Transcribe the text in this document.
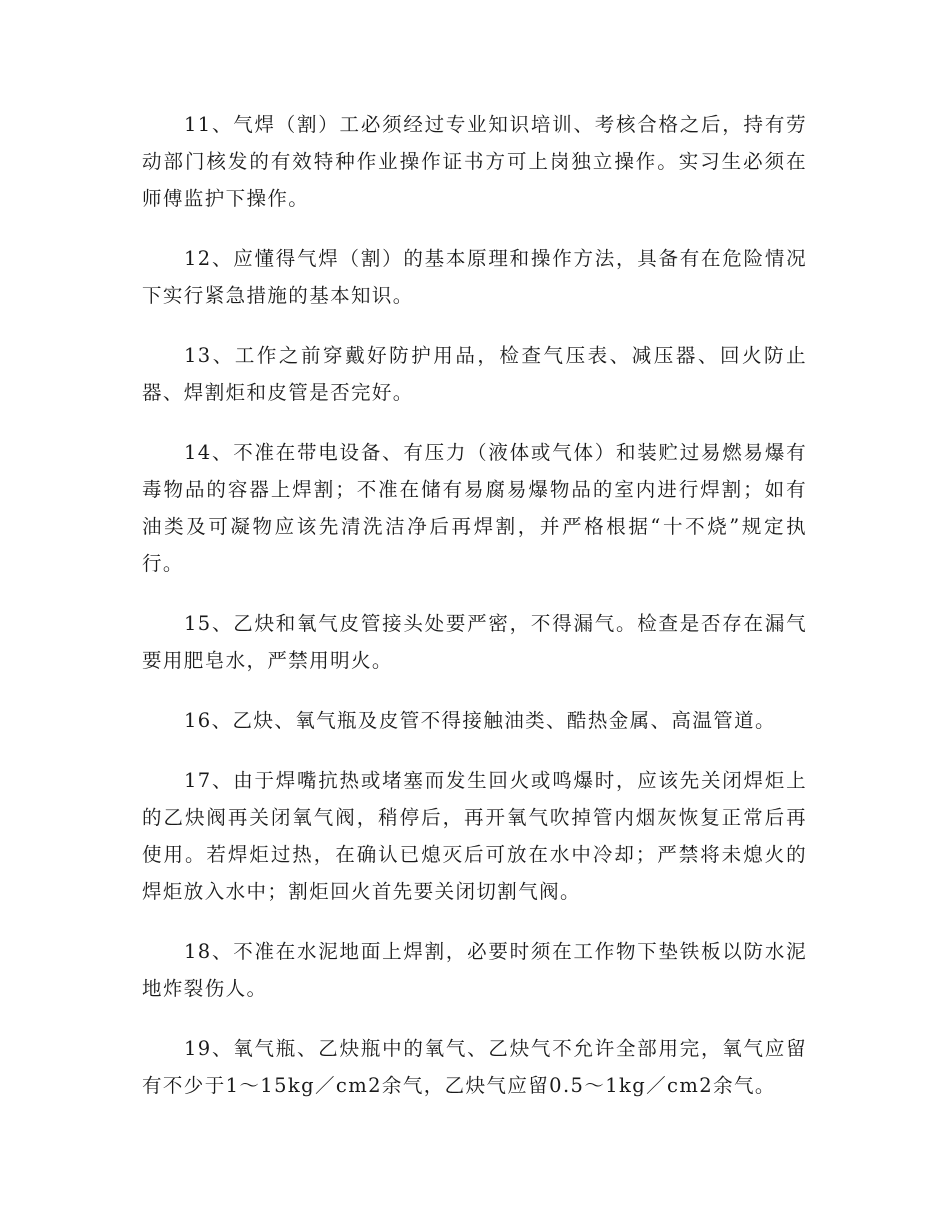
11、气焊（割）工必须经过专业知识培训、考核合格之后，持有劳动部门核发的有效特种作业操作证书方可上岗独立操作。实习生必须在师傅监护下操作。

12、应懂得气焊（割）的基本原理和操作方法，具备有在危险情况下实行紧急措施的基本知识。

13、工作之前穿戴好防护用品，检查气压表、减压器、回火防止器、焊割炬和皮管是否完好。

14、不准在带电设备、有压力（液体或气体）和装贮过易燃易爆有毒物品的容器上焊割；不准在储有易腐易爆物品的室内进行焊割；如有油类及可凝物应该先清洗洁净后再焊割，并严格根据“十不烧”规定执行。

15、乙炔和氧气皮管接头处要严密，不得漏气。检查是否存在漏气要用肥皂水，严禁用明火。

16、乙炔、氧气瓶及皮管不得接触油类、酷热金属、高温管道。

17、由于焊嘴抗热或堵塞而发生回火或鸣爆时，应该先关闭焊炬上的乙炔阀再关闭氧气阀，稍停后，再开氧气吹掉管内烟灰恢复正常后再使用。若焊炬过热，在确认已熄灭后可放在水中冷却；严禁将未熄火的焊炬放入水中；割炬回火首先要关闭切割气阀。

18、不准在水泥地面上焊割，必要时须在工作物下垫铁板以防水泥地炸裂伤人。

19、氧气瓶、乙炔瓶中的氧气、乙炔气不允许全部用完，氧气应留有不少于1～15kg／cm2余气，乙炔气应留0.5～1kg／cm2余气。
